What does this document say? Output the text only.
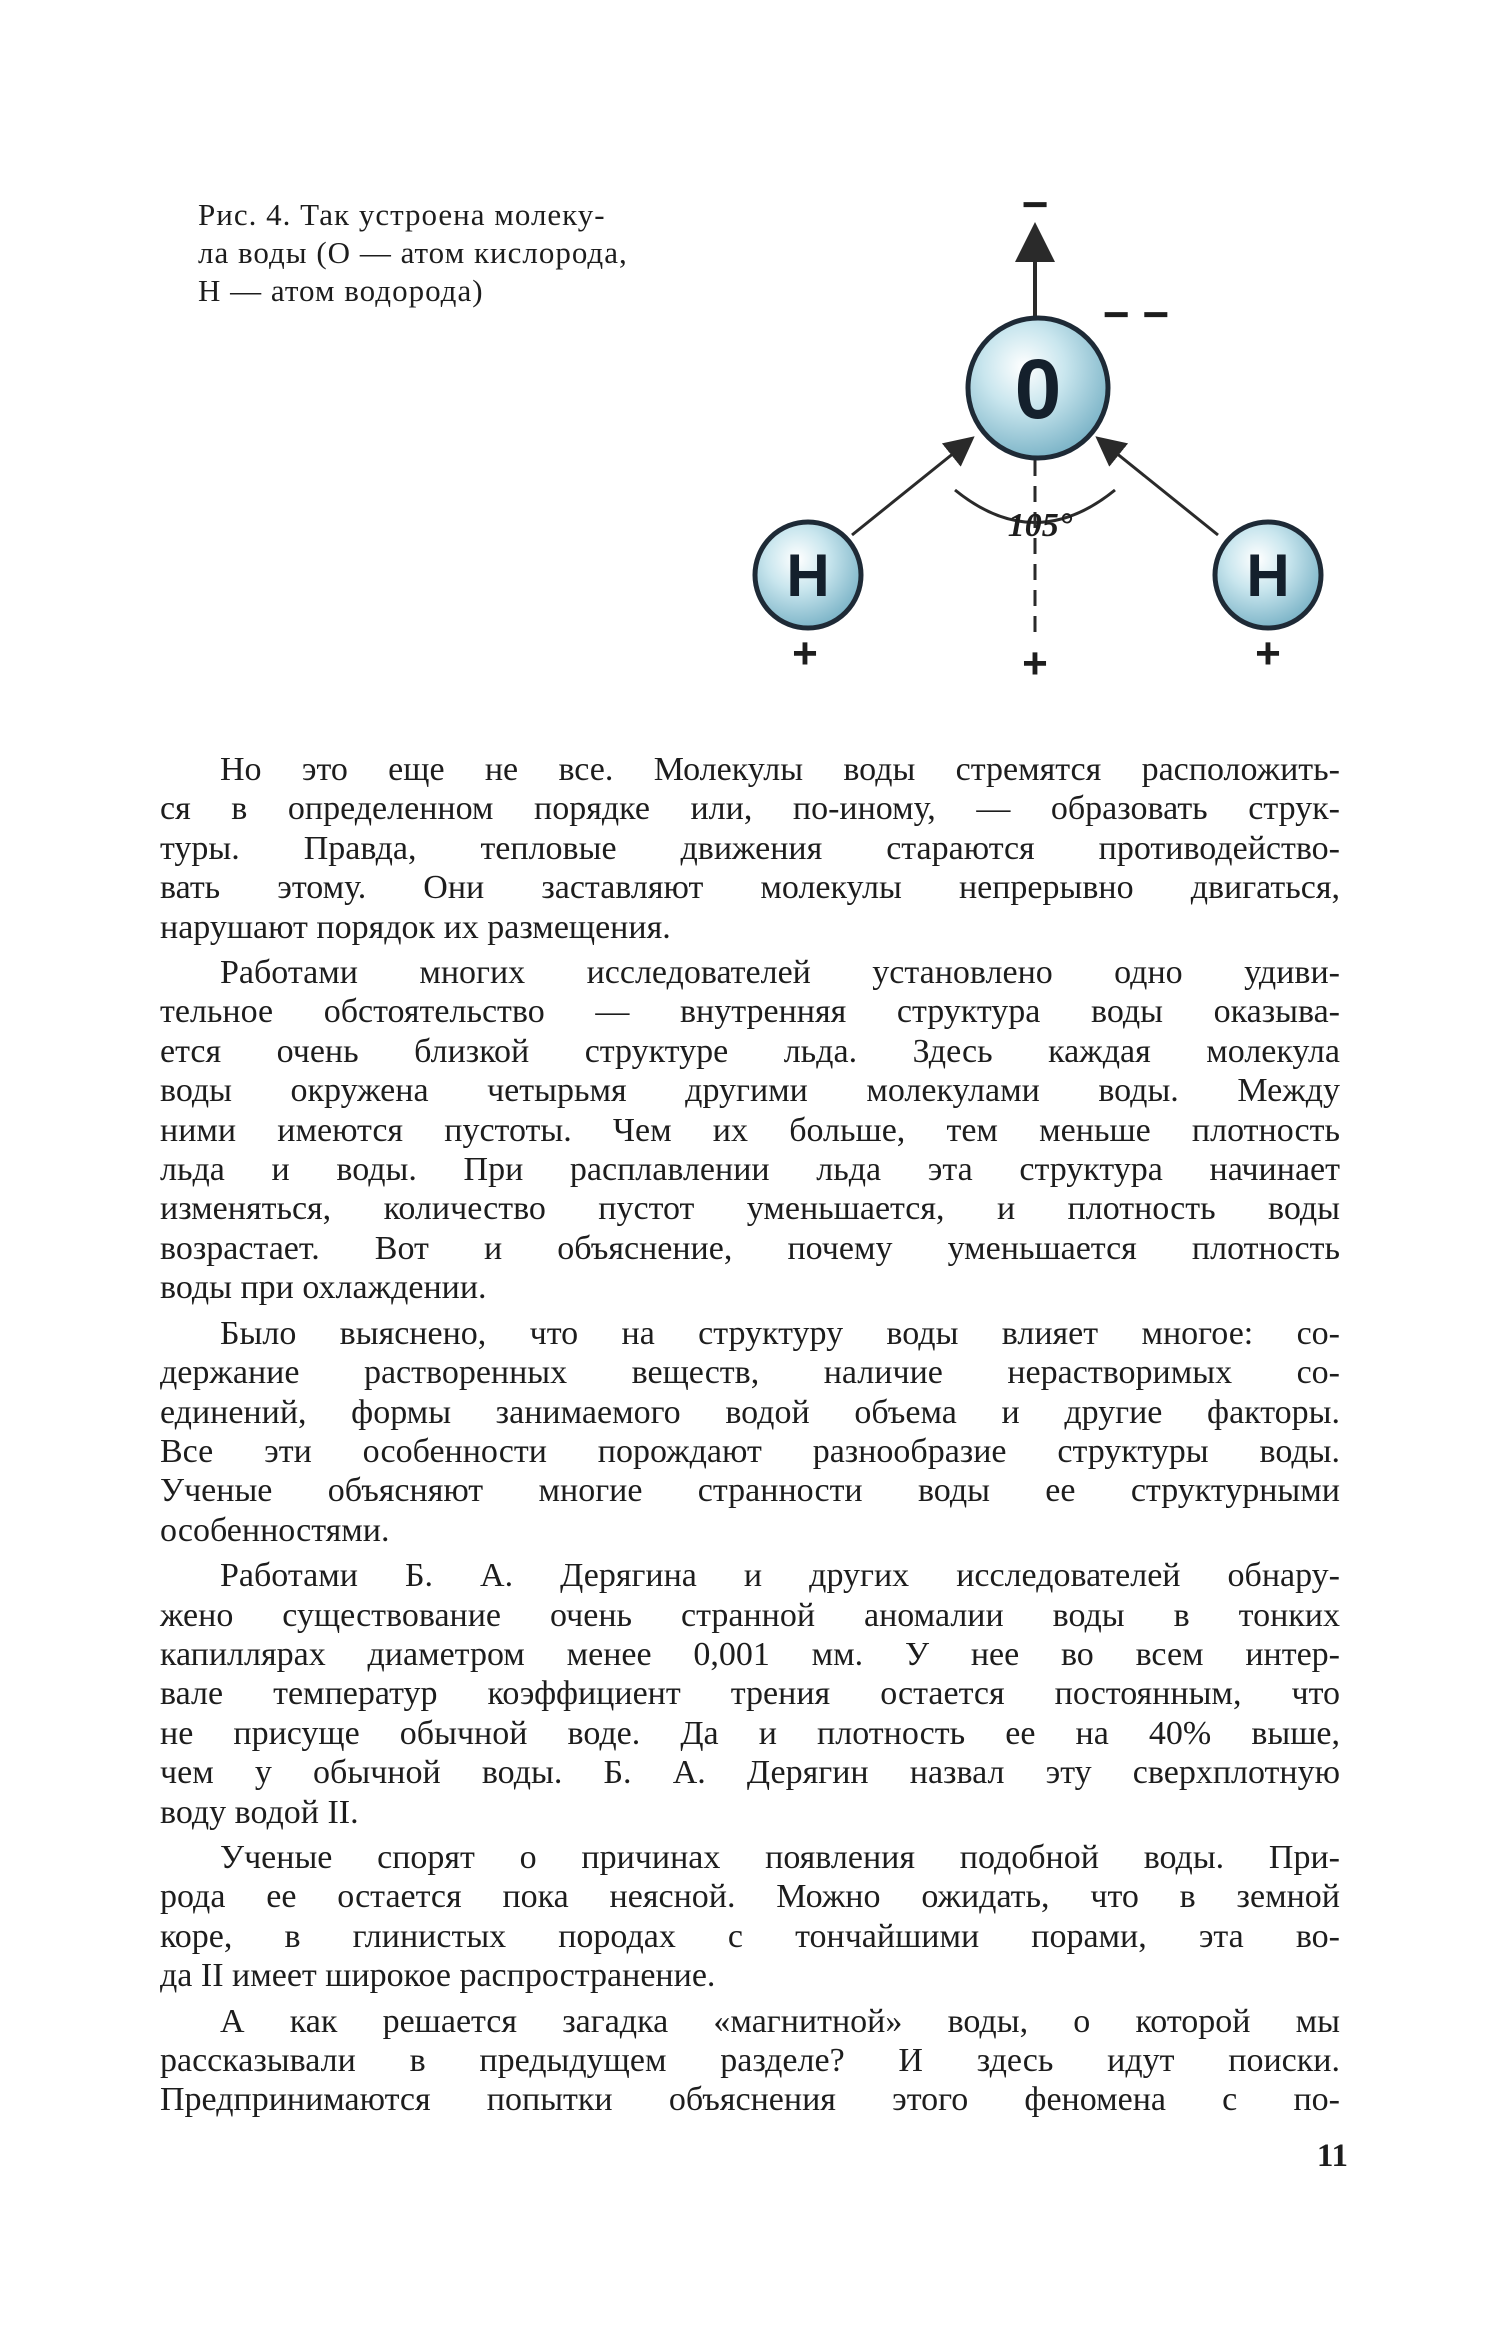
Рис. 4. Так устроена молеку-
ла воды (О — атом кислорода,
Н — атом водорода)
105°
0
H	H
−
− −
+	+	+
Но это еще не все. Молекулы воды стремятся расположить-
ся в определенном порядке или, по-иному, — образовать струк-
туры. Правда, тепловые движения стараются противодейство-
вать этому. Они заставляют молекулы непрерывно двигаться,
нарушают порядок их размещения.
Работами многих исследователей установлено одно удиви-
тельное обстоятельство — внутренняя структура воды оказыва-
ется очень близкой структуре льда. Здесь каждая молекула
воды окружена четырьмя другими молекулами воды. Между
ними имеются пустоты. Чем их больше, тем меньше плотность
льда и воды. При расплавлении льда эта структура начинает
изменяться, количество пустот уменьшается, и плотность воды
возрастает. Вот и объяснение, почему уменьшается плотность
воды при охлаждении.
Было выяснено, что на структуру воды влияет многое: со-
держание растворенных веществ, наличие нерастворимых со-
единений, формы занимаемого водой объема и другие факторы.
Все эти особенности порождают разнообразие структуры воды.
Ученые объясняют многие странности воды ее структурными
особенностями.
Работами Б. А. Дерягина и других исследователей обнару-
жено существование очень странной аномалии воды в тонких
капиллярах диаметром менее 0,001 мм. У нее во всем интер-
вале температур коэффициент трения остается постоянным, что
не присуще обычной воде. Да и плотность ее на 40% выше,
чем у обычной воды. Б. А. Дерягин назвал эту сверхплотную
воду водой II.
Ученые спорят о причинах появления подобной воды. При-
рода ее остается пока неясной. Можно ожидать, что в земной
коре, в глинистых породах с тончайшими порами, эта во-
да II имеет широкое распространение.
А как решается загадка «магнитной» воды, о которой мы
рассказывали в предыдущем разделе? И здесь идут поиски.
Предпринимаются попытки объяснения этого феномена с по-
11
